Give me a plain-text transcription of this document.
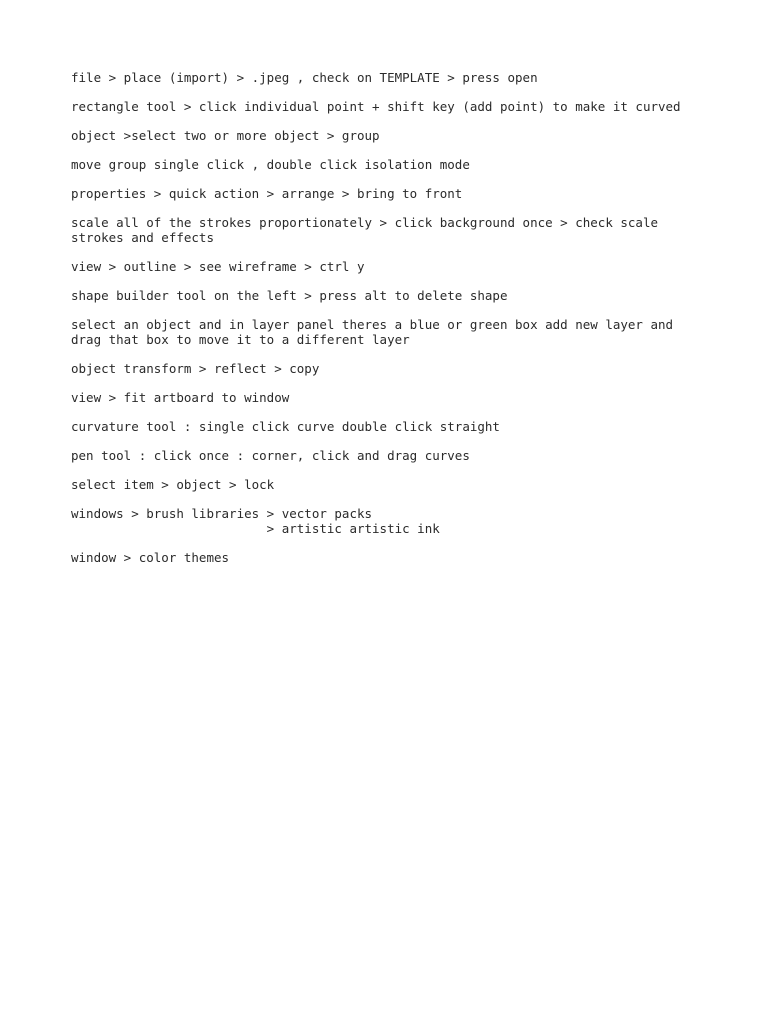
file > place (import) > .jpeg , check on TEMPLATE > press open

rectangle tool > click individual point + shift key (add point) to make it curved

object >select two or more object > group

move group single click , double click isolation mode

properties > quick action > arrange > bring to front

scale all of the strokes proportionately > click background once > check scale
strokes and effects

view > outline > see wireframe > ctrl y

shape builder tool on the left > press alt to delete shape

select an object and in layer panel theres a blue or green box add new layer and
drag that box to move it to a different layer

object transform > reflect > copy

view > fit artboard to window

curvature tool : single click curve double click straight

pen tool : click once : corner, click and drag curves

select item > object > lock

windows > brush libraries > vector packs
> artistic artistic ink

window > color themes
